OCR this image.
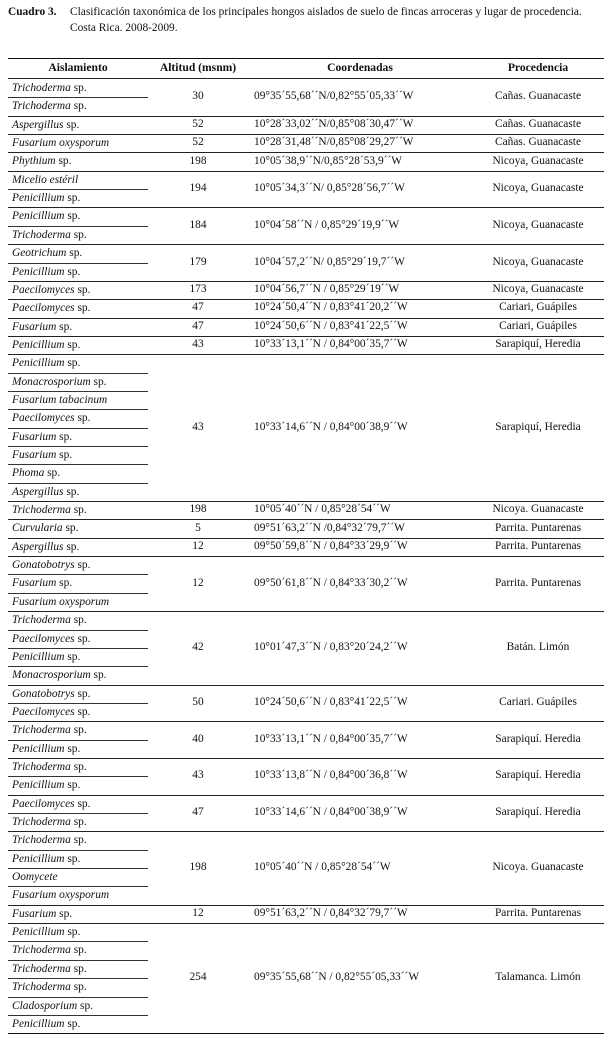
Cuadro 3.	Clasificación taxonómica de los principales hongos aislados de suelo de fincas arroceras y lugar de procedencia. Costa Rica. 2008-2009.
Aislamiento	Altitud (msnm)	Coordenadas	Procedencia
Trichoderma sp.
Trichoderma sp.
30	09°35´55,68´´N/0,82°55´05,33´´W	Cañas. Guanacaste
Aspergillus sp.	52	10°28´33,02´´N/0,85°08´30,47´´W	Cañas. Guanacaste
Fusarium oxysporum	52	10°28´31,48´´N/0,85°08´29,27´´W	Cañas. Guanacaste
Phythium sp.	198	10°05´38,9´´N/0,85°28´53,9´´W	Nicoya, Guanacaste
Micelio estéril
Penicillium sp.
194	10°05´34,3´´N/ 0,85°28´56,7´´W	Nicoya, Guanacaste
Penicillium sp.
Trichoderma sp.
184	10°04´58´´N / 0,85°29´19,9´´W	Nicoya, Guanacaste
Geotrichum sp.
Penicillium sp.
179	10°04´57,2´´N/ 0,85°29´19,7´´W	Nicoya, Guanacaste
Paecilomyces sp.	173	10°04´56,7´´N / 0,85°29´19´´W	Nicoya, Guanacaste
Paecilomyces sp.	47	10°24´50,4´´N / 0,83°41´20,2´´W	Cariari, Guápiles
Fusarium sp.	47	10°24´50,6´´N / 0,83°41´22,5´´W	Cariari, Guápiles
Penicillium sp.	43	10°33´13,1´´N / 0,84°00´35,7´´W	Sarapiquí, Heredia
Penicillium sp.
Monacrosporium sp.
Fusarium tabacinum
Paecilomyces sp.
Fusarium sp.
Fusarium sp.
Phoma sp.
Aspergillus sp.
43	10°33´14,6´´N / 0,84°00´38,9´´W	Sarapiquí, Heredia
Trichoderma sp.	198	10°05´40´´N / 0,85°28´54´´W	Nicoya. Guanacaste
Curvularia sp.	5	09°51´63,2´´N /0,84°32´79,7´´W	Parrita. Puntarenas
Aspergillus sp.	12	09°50´59,8´´N / 0,84°33´29,9´´W	Parrita. Puntarenas
Gonatobotrys sp.
Fusarium sp.
Fusarium oxysporum
12	09°50´61,8´´N / 0,84°33´30,2´´W	Parrita. Puntarenas
Trichoderma sp.
Paecilomyces sp.
Penicillium sp.
Monacrosporium sp.
42	10°01´47,3´´N / 0,83°20´24,2´´W	Batán. Limón
Gonatobotrys sp.
Paecilomyces sp.
50	10°24´50,6´´N / 0,83°41´22,5´´W	Cariari. Guápiles
Trichoderma sp.
Penicillium sp.
40	10°33´13,1´´N / 0,84°00´35,7´´W	Sarapiquí. Heredia
Trichoderma sp.
Penicillium sp.
43	10°33´13,8´´N / 0,84°00´36,8´´W	Sarapiquí. Heredia
Paecilomyces sp.
Trichoderma sp.
47	10°33´14,6´´N / 0,84°00´38,9´´W	Sarapiquí. Heredia
Trichoderma sp.
Penicillium sp.
Oomycete
Fusarium oxysporum
198	10°05´40´´N / 0,85°28´54´´W	Nicoya. Guanacaste
Fusarium sp.	12	09°51´63,2´´N / 0,84°32´79,7´´W	Parrita. Puntarenas
Penicillium sp.
Trichoderma sp.
Trichoderma sp.
Trichoderma sp.
Cladosporium sp.
Penicillium sp.
254	09°35´55,68´´N / 0,82°55´05,33´´W	Talamanca. Limón
